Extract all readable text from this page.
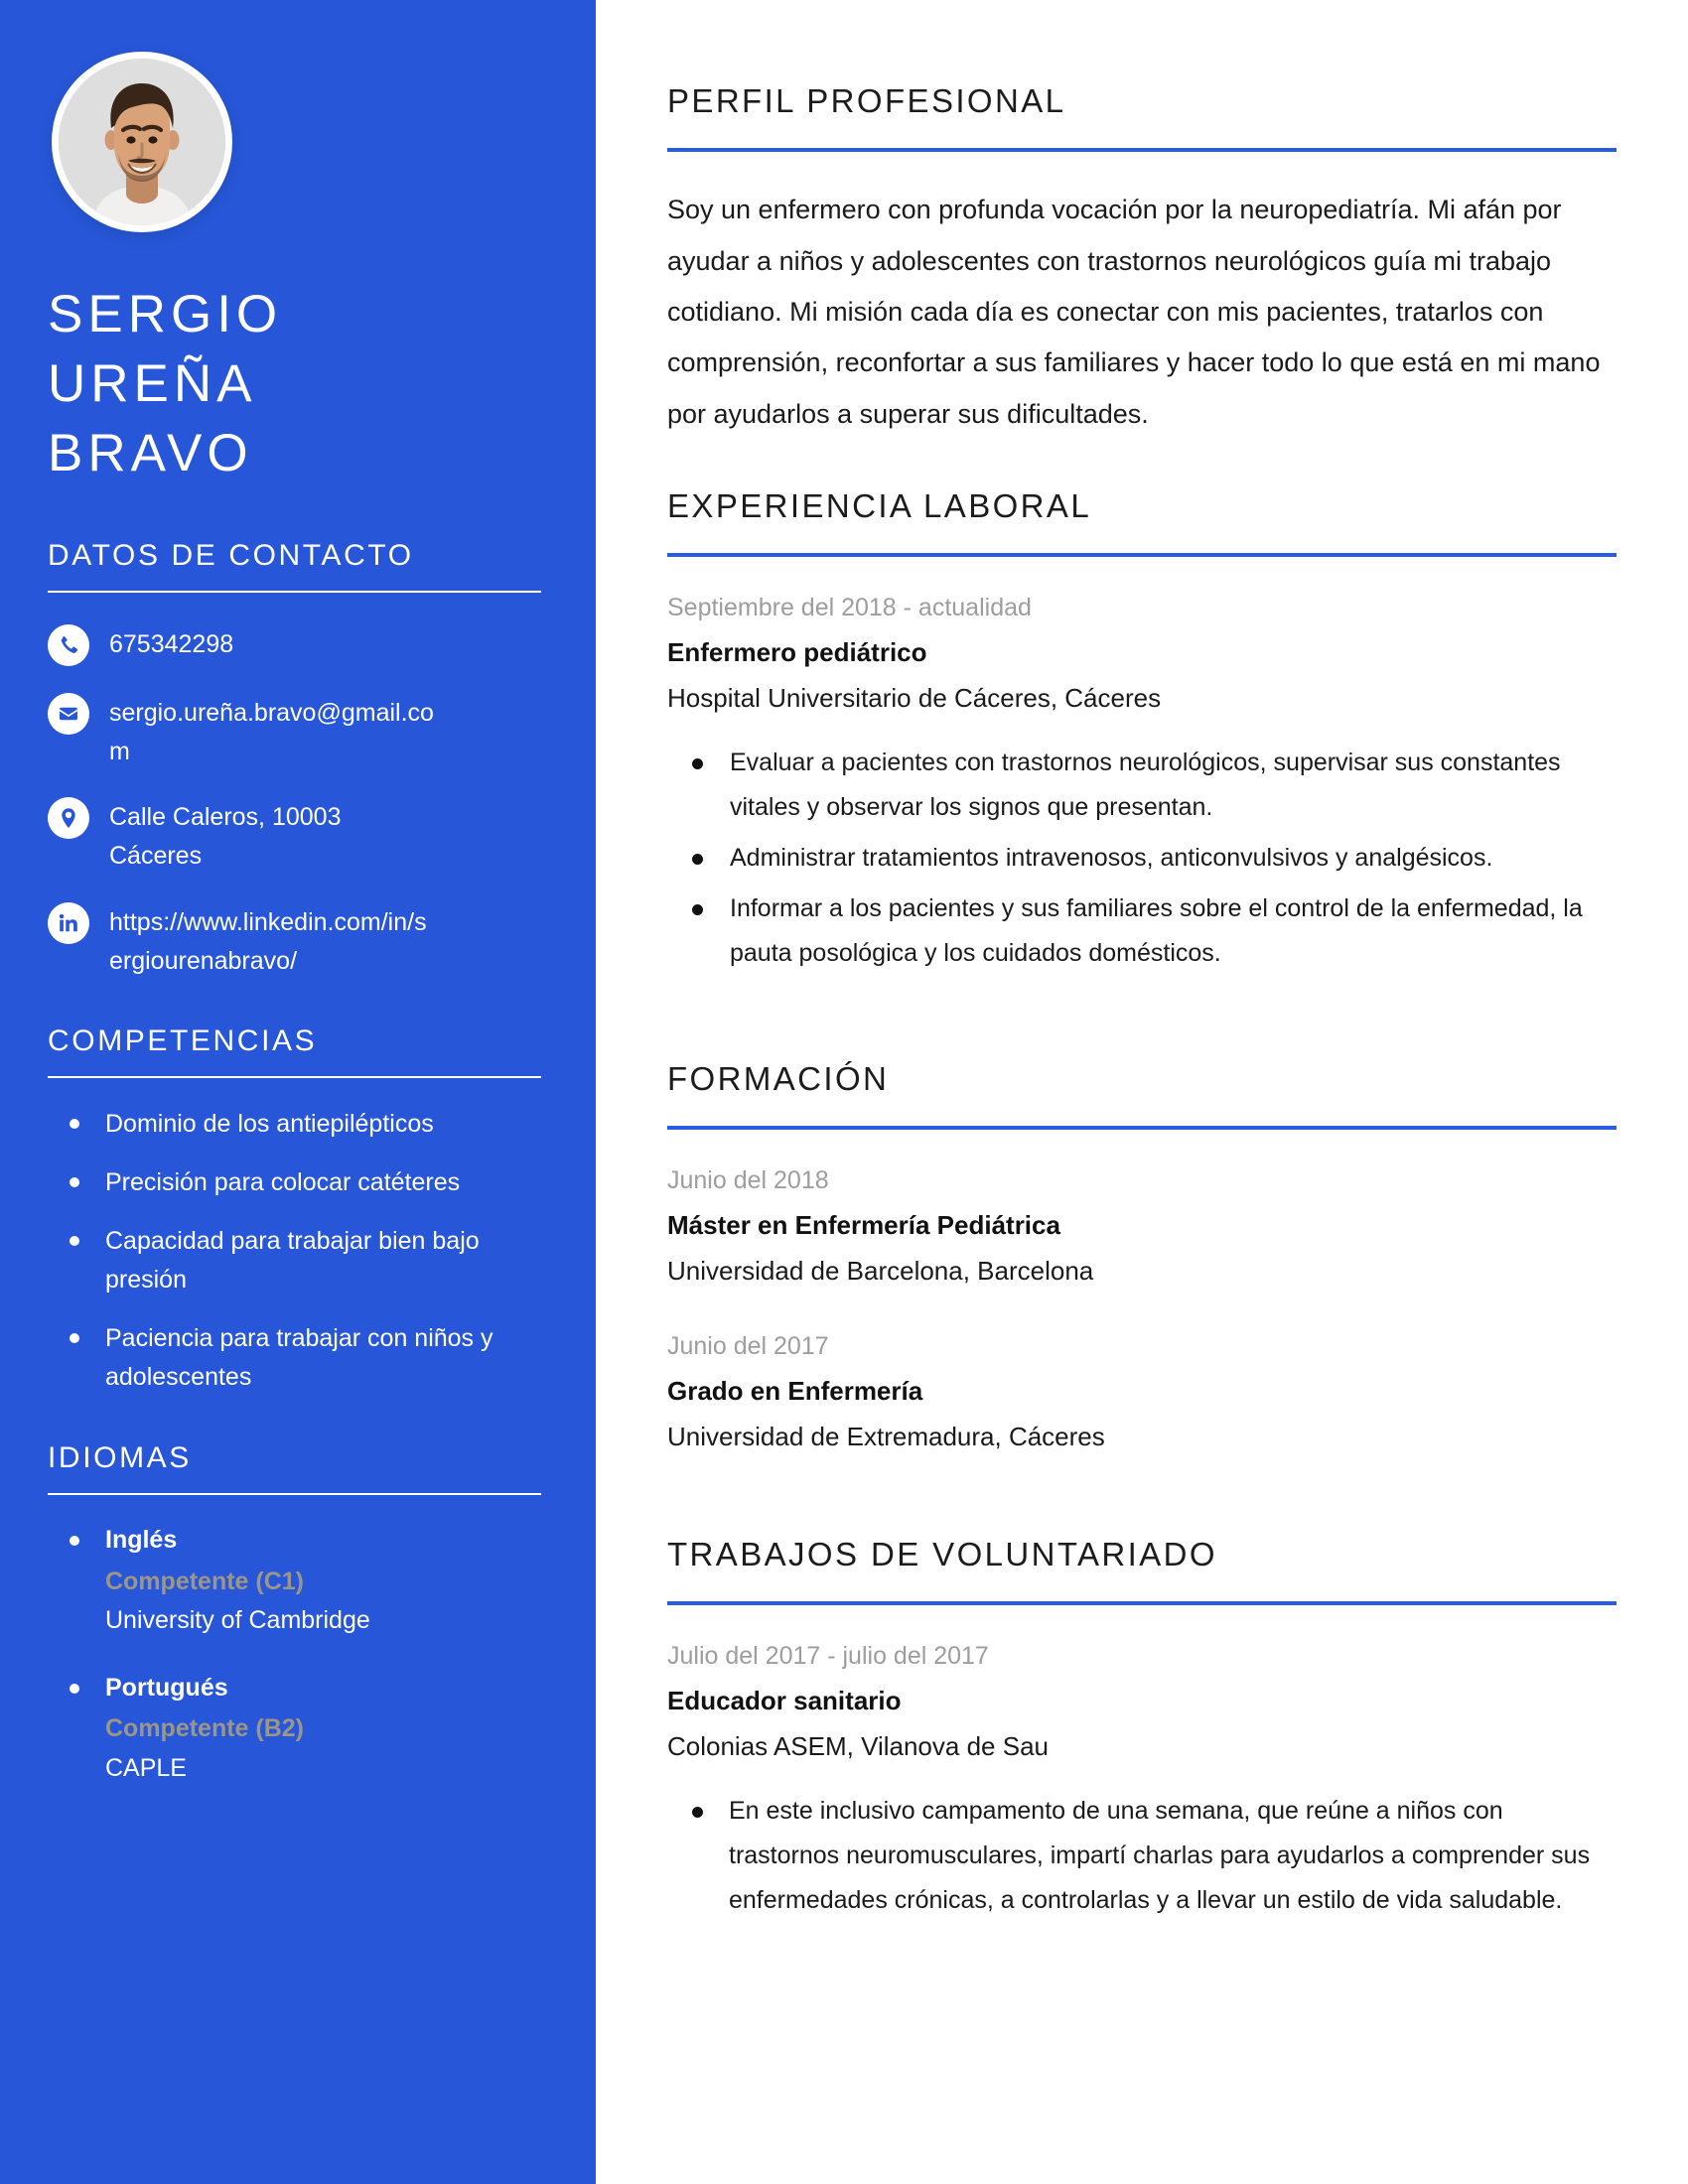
SERGIO
UREÑA
BRAVO
DATOS DE CONTACTO
675342298
sergio.ureña.bravo@gmail.com
Calle Caleros, 10003 Cáceres
https://www.linkedin.com/in/sergiourenabravo/
COMPETENCIAS
Dominio de los antiepilépticos
Precisión para colocar catéteres
Capacidad para trabajar bien bajo presión
Paciencia para trabajar con niños y adolescentes
IDIOMAS
Inglés
Competente (C1)
University of Cambridge
Portugués
Competente (B2)
CAPLE
PERFIL PROFESIONAL

Soy un enfermero con profunda vocación por la neuropediatría. Mi afán por ayudar a niños y adolescentes con trastornos neurológicos guía mi trabajo cotidiano. Mi misión cada día es conectar con mis pacientes, tratarlos con comprensión, reconfortar a sus familiares y hacer todo lo que está en mi mano por ayudarlos a superar sus dificultades.

EXPERIENCIA LABORAL
Septiembre del 2018 - actualidad
Enfermero pediátrico
Hospital Universitario de Cáceres, Cáceres
Evaluar a pacientes con trastornos neurológicos, supervisar sus constantes vitales y observar los signos que presentan.
Administrar tratamientos intravenosos, anticonvulsivos y analgésicos.
Informar a los pacientes y sus familiares sobre el control de la enfermedad, la pauta posológica y los cuidados domésticos.
FORMACIÓN
Junio del 2018
Máster en Enfermería Pediátrica
Universidad de Barcelona, Barcelona
Junio del 2017
Grado en Enfermería
Universidad de Extremadura, Cáceres
TRABAJOS DE VOLUNTARIADO
Julio del 2017 - julio del 2017
Educador sanitario
Colonias ASEM, Vilanova de Sau
En este inclusivo campamento de una semana, que reúne a niños con trastornos neuromusculares, impartí charlas para ayudarlos a comprender sus enfermedades crónicas, a controlarlas y a llevar un estilo de vida saludable.
